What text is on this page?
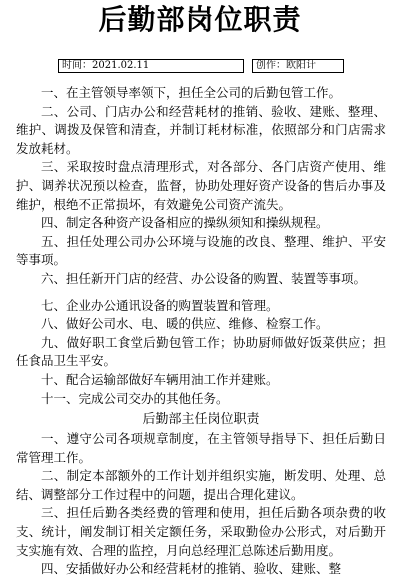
后勤部岗位职责
时间：2021.02.11	创作：欧阳计

一、在主管领导率领下，担任全公司的后勤包管工作。

二、公司、门店办公和经营耗材的推销、验收、建账、整理、维护、调拨及保管和清查，并制订耗材标准，依照部分和门店需求发放耗材。

三、采取按时盘点清理形式，对各部分、各门店资产使用、维护、调养状况预以检查，监督，协助处理好资产设备的售后办事及维护，根绝不正常损坏，有效避免公司资产流失。

四、制定各种资产设备相应的操纵须知和操纵规程。

五、担任处理公司办公环境与设施的改良、整理、维护、平安等事项。

六、担任新开门店的经营、办公设备的购置、装置等事项。

七、企业办公通讯设备的购置装置和管理。

八、做好公司水、电、暖的供应、维修、检察工作。

九、做好职工食堂后勤包管工作；协助厨师做好饭菜供应；担任食品卫生平安。

十、配合运输部做好车辆用油工作并建账。

十一、完成公司交办的其他任务。

后勤部主任岗位职责

一、遵守公司各项规章制度，在主管领导指导下、担任后勤日常管理工作。

二、制定本部额外的工作计划并组织实施，断发明、处理、总结、调整部分工作过程中的问题，提出合理化建议。

三、担任后勤各类经费的管理和使用，担任后勤各项杂费的收支、统计，阐发制订相关定额任务，采取勤俭办公形式，对后勤开支实施有效、合理的监控，月向总经理汇总陈述后勤用度。

四、安插做好办公和经营耗材的推销、验收、建账、整
